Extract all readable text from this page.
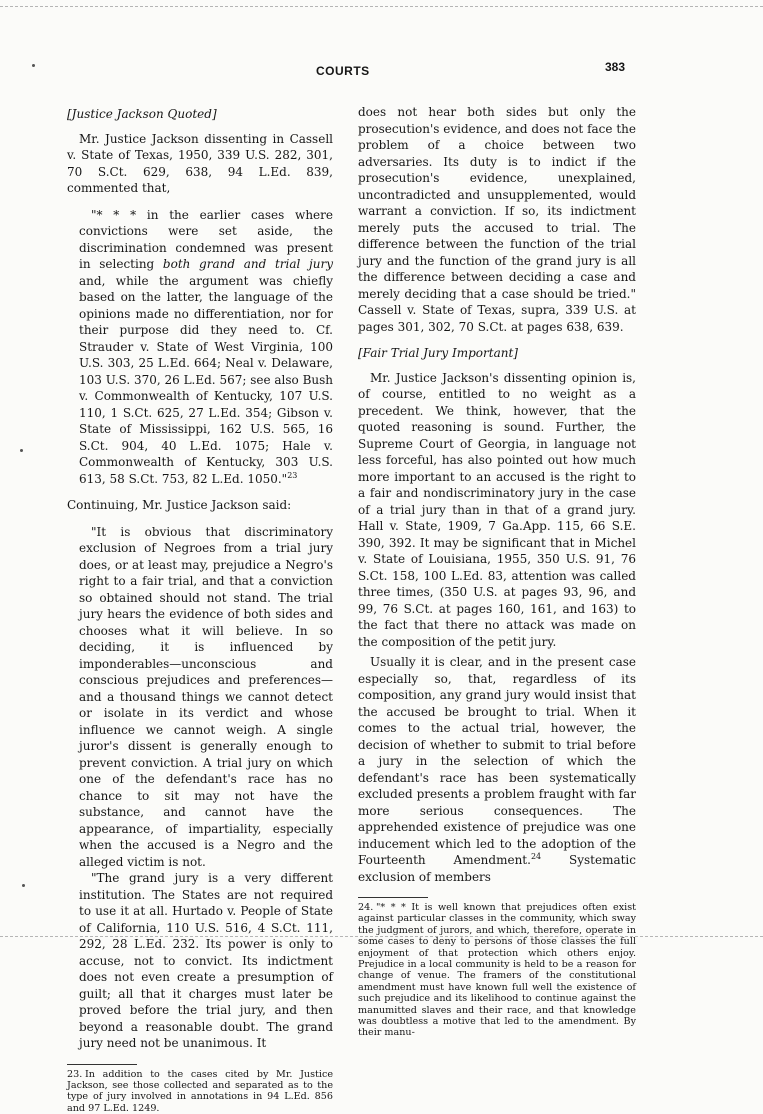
COURTS	383

[Justice Jackson Quoted]

Mr. Justice Jackson dissenting in Cassell v. State of Texas, 1950, 339 U.S. 282, 301, 70 S.Ct. 629, 638, 94 L.Ed. 839, commented that,

"* * * in the earlier cases where convictions were set aside, the discrimination condemned was present in selecting both grand and trial jury and, while the argument was chiefly based on the latter, the language of the opinions made no differentiation, nor for their purpose did they need to. Cf. Strauder v. State of West Virginia, 100 U.S. 303, 25 L.Ed. 664; Neal v. Delaware, 103 U.S. 370, 26 L.Ed. 567; see also Bush v. Commonwealth of Kentucky, 107 U.S. 110, 1 S.Ct. 625, 27 L.Ed. 354; Gibson v. State of Mississippi, 162 U.S. 565, 16 S.Ct. 904, 40 L.Ed. 1075; Hale v. Commonwealth of Kentucky, 303 U.S. 613, 58 S.Ct. 753, 82 L.Ed. 1050."$^{23}$

Continuing, Mr. Justice Jackson said:

"It is obvious that discriminatory exclusion of Negroes from a trial jury does, or at least may, prejudice a Negro's right to a fair trial, and that a conviction so obtained should not stand. The trial jury hears the evidence of both sides and chooses what it will believe. In so deciding, it is influenced by imponderables—unconscious and conscious prejudices and preferences—and a thousand things we cannot detect or isolate in its verdict and whose influence we cannot weigh. A single juror's dissent is generally enough to prevent conviction. A trial jury on which one of the defendant's race has no chance to sit may not have the substance, and cannot have the appearance, of impartiality, especially when the accused is a Negro and the alleged victim is not.

"The grand jury is a very different institution. The States are not required to use it at all. Hurtado v. People of State of California, 110 U.S. 516, 4 S.Ct. 111, 292, 28 L.Ed. 232. Its power is only to accuse, not to convict. Its indictment does not even create a presumption of guilt; all that it charges must later be proved before the trial jury, and then beyond a reasonable doubt. The grand jury need not be unanimous. It

23. In addition to the cases cited by Mr. Justice Jackson, see those collected and separated as to the type of jury involved in annotations in 94 L.Ed. 856 and 97 L.Ed. 1249.

does not hear both sides but only the prosecution's evidence, and does not face the problem of a choice between two adversaries. Its duty is to indict if the prosecution's evidence, unexplained, uncontradicted and unsupplemented, would warrant a conviction. If so, its indictment merely puts the accused to trial. The difference between the function of the trial jury and the function of the grand jury is all the difference between deciding a case and merely deciding that a case should be tried." Cassell v. State of Texas, supra, 339 U.S. at pages 301, 302, 70 S.Ct. at pages 638, 639.

[Fair Trial Jury Important]

Mr. Justice Jackson's dissenting opinion is, of course, entitled to no weight as a precedent. We think, however, that the quoted reasoning is sound. Further, the Supreme Court of Georgia, in language not less forceful, has also pointed out how much more important to an accused is the right to a fair and nondiscriminatory jury in the case of a trial jury than in that of a grand jury. Hall v. State, 1909, 7 Ga.App. 115, 66 S.E. 390, 392. It may be significant that in Michel v. State of Louisiana, 1955, 350 U.S. 91, 76 S.Ct. 158, 100 L.Ed. 83, attention was called three times, (350 U.S. at pages 93, 96, and 99, 76 S.Ct. at pages 160, 161, and 163) to the fact that there no attack was made on the composition of the petit jury.

Usually it is clear, and in the present case especially so, that, regardless of its composition, any grand jury would insist that the accused be brought to trial. When it comes to the actual trial, however, the decision of whether to submit to trial before a jury in the selection of which the defendant's race has been systematically excluded presents a problem fraught with far more serious consequences. The apprehended existence of prejudice was one inducement which led to the adoption of the Fourteenth Amendment.$^{24}$ Systematic exclusion of members

24. "* * * It is well known that prejudices often exist against particular classes in the community, which sway the judgment of jurors, and which, therefore, operate in some cases to deny to persons of those classes the full enjoyment of that protection which others enjoy. Prejudice in a local community is held to be a reason for change of venue. The framers of the constitutional amendment must have known full well the existence of such prejudice and its likelihood to continue against the manumitted slaves and their race, and that knowledge was doubtless a motive that led to the amendment. By their manu-
